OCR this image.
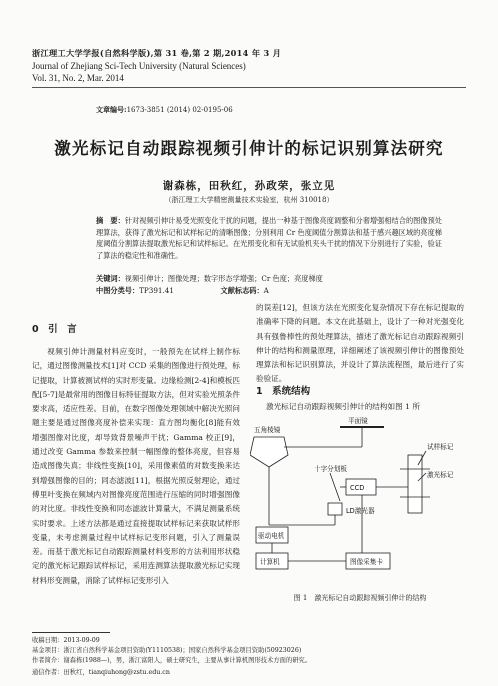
浙江理工大学学报(自然科学版),第 31 卷,第 2 期,2014 年 3 月
Journal of Zhejiang Sci-Tech University (Natural Sciences)
Vol. 31, No. 2, Mar. 2014
文章编号:1673-3851 (2014) 02-0195-06
激光标记自动跟踪视频引伸计的标记识别算法研究
谢森栋，田秋红，孙政荣，张立见
（浙江理工大学精密测量技术实验室，杭州 310018）
摘　要：针对视频引伸计易受光照变化干扰的问题，提出一种基于图像亮度调整和分奢增强相结合的图像预处理算法，获得了激光标记和试样标记的清晰图像；分别利用 Cr 色度阈值分割算法和基于感兴趣区域的亮度梯度阈值分割算法提取激光标记和试样标记。在光照变化和有无试验机夹头干扰的情况下分别进行了实验，验证了算法的稳定性和准确性。
关键词：视频引伸计；图像处理；数字形态学增强；Cr 色度；亮度梯度
中图分类号：TP391.41	文献标志码：A
0　引　言

视频引伸计测量材料应变时，一般预先在试样上制作标记，通过图像测量技术[1]对 CCD 采集的图像进行预处理，标记提取，计算被测试样的实时形变量。边缘检测[2-4]和模板匹配[5-7]是最常用的图像目标特征提取方法，但对实验光照条件要求高，适应性差。目前，在数字图像处理领域中解决光照问题主要是通过图像亮度补偿来实现：直方图均衡化[8]能有效增强图像对比度，却导致背景噪声干扰；Gamma 校正[9]，通过改变 Gamma 参数来控制一幅图像的整体亮度，但容易造成图像失真；非线性变换[10]，采用像素值的对数变换来达到增强图像的目的；同态滤波[11]，根据光照反射理论，通过傅里叶变换在频域内对图像亮度范围进行压缩的同时增强图像的对比度。非线性变换和同态滤波计算量大，不满足测量系统实时要求。上述方法都是通过直接提取试样标记来获取试样形变量，未考虑测量过程中试样标记变形问题，引入了测量误差。而基于激光标记自动跟踪测量材料变形的方法利用形状稳定的激光标记跟踪试样标记，采用连测算法提取激光标记实现材料形变测量，消除了试样标记变形引入

的误差[12]，但该方法在光照变化复杂情况下存在标记提取的准确率下降的问题。本文在此基础上，设计了一种对光强变化具有强鲁棒性的预处理算法，描述了激光标记自动跟踪视频引伸计的结构和测量原理，详细阐述了该视频引伸计的图像预处理算法和标记识别算法，并设计了算法流程图，最后进行了实验验证。

1　系统结构
激光标记自动跟踪视频引伸计的结构如图 1 所
五角棱镜
平面镜
试样标记
激光标记
十字分划板
CCD
LD激光器
驱动电机
计算机	图像采集卡
图 1　激光标记自动跟踪视频引伸计的结构
收稿日期：2013-09-09
基金项目：浙江省自然科学基金项目资助(Y1110538)；国家自然科学基金项目资助(50923026)
作者简介：谢森栋(1988—)，男，浙江富阳人，硕士研究生，主要从事计算机图形技术方面的研究。
通信作者：田秋红，tianqiuhong@zstu.edu.cn
